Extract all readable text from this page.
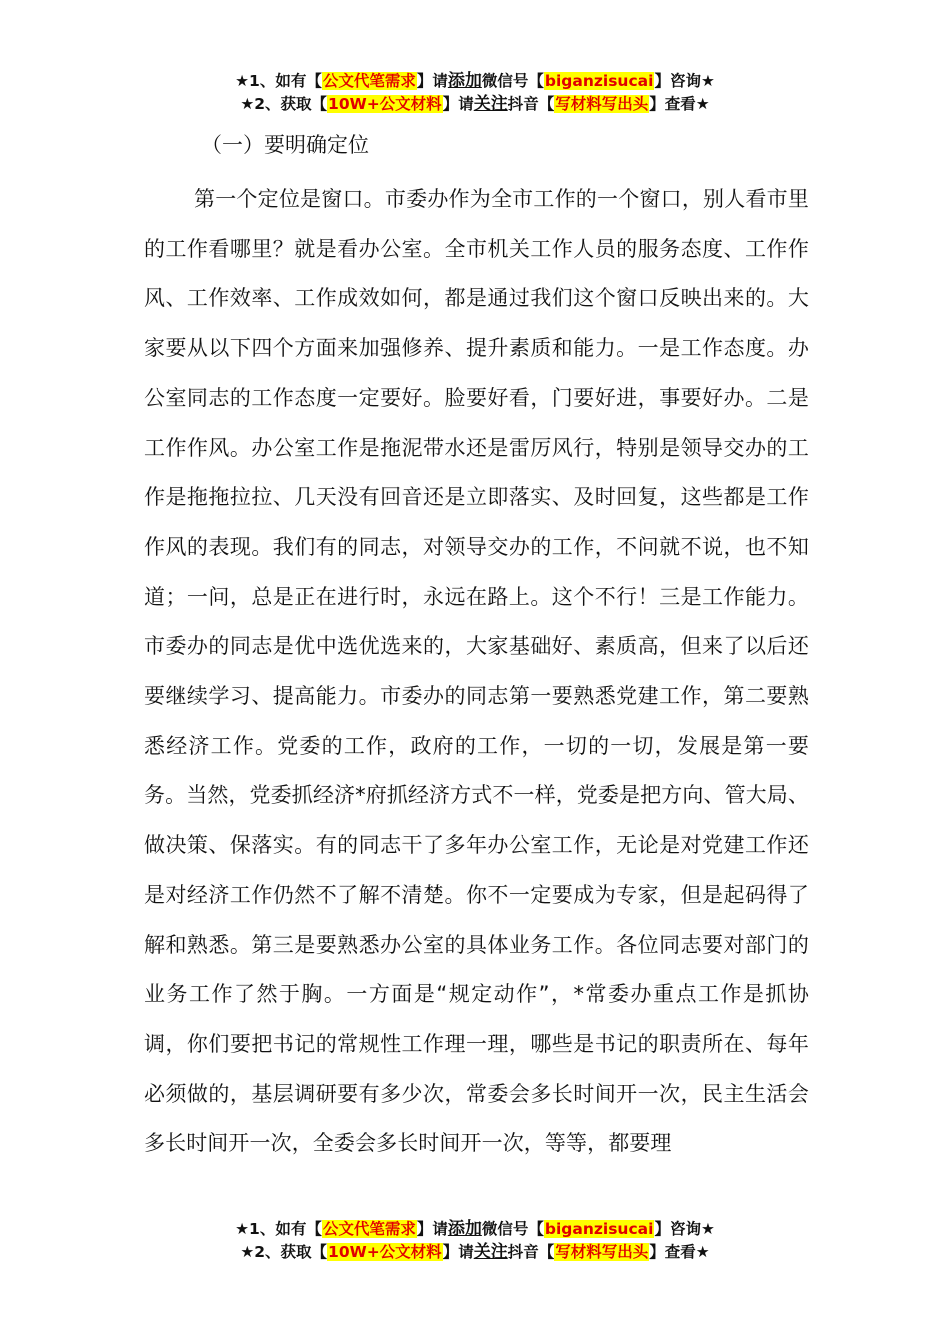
★1、如有【公文代笔需求】请添加微信号【biganzisucai】咨询★
★2、获取【10W+公文材料】请关注抖音【写材料写出头】查看★
（一）要明确定位
第一个定位是窗口。市委办作为全市工作的一个窗口，别人看市里的工作看哪里？就是看办公室。全市机关工作人员的服务态度、工作作风、工作效率、工作成效如何，都是通过我们这个窗口反映出来的。大家要从以下四个方面来加强修养、提升素质和能力。一是工作态度。办公室同志的工作态度一定要好。脸要好看，门要好进，事要好办。二是工作作风。办公室工作是拖泥带水还是雷厉风行，特别是领导交办的工作是拖拖拉拉、几天没有回音还是立即落实、及时回复，这些都是工作作风的表现。我们有的同志，对领导交办的工作，不问就不说，也不知道；一问，总是正在进行时，永远在路上。这个不行！三是工作能力。市委办的同志是优中选优选来的，大家基础好、素质高，但来了以后还要继续学习、提高能力。市委办的同志第一要熟悉党建工作，第二要熟悉经济工作。党委的工作，政府的工作，一切的一切，发展是第一要务。当然，党委抓经济*府抓经济方式不一样，党委是把方向、管大局、做决策、保落实。有的同志干了多年办公室工作，无论是对党建工作还是对经济工作仍然不了解不清楚。你不一定要成为专家，但是起码得了解和熟悉。第三是要熟悉办公室的具体业务工作。各位同志要对部门的业务工作了然于胸。一方面是“规定动作”，*常委办重点工作是抓协调，你们要把书记的常规性工作理一理，哪些是书记的职责所在、每年必须做的，基层调研要有多少次，常委会多长时间开一次，民主生活会多长时间开一次，全委会多长时间开一次，等等，都要理
★1、如有【公文代笔需求】请添加微信号【biganzisucai】咨询★
★2、获取【10W+公文材料】请关注抖音【写材料写出头】查看★
